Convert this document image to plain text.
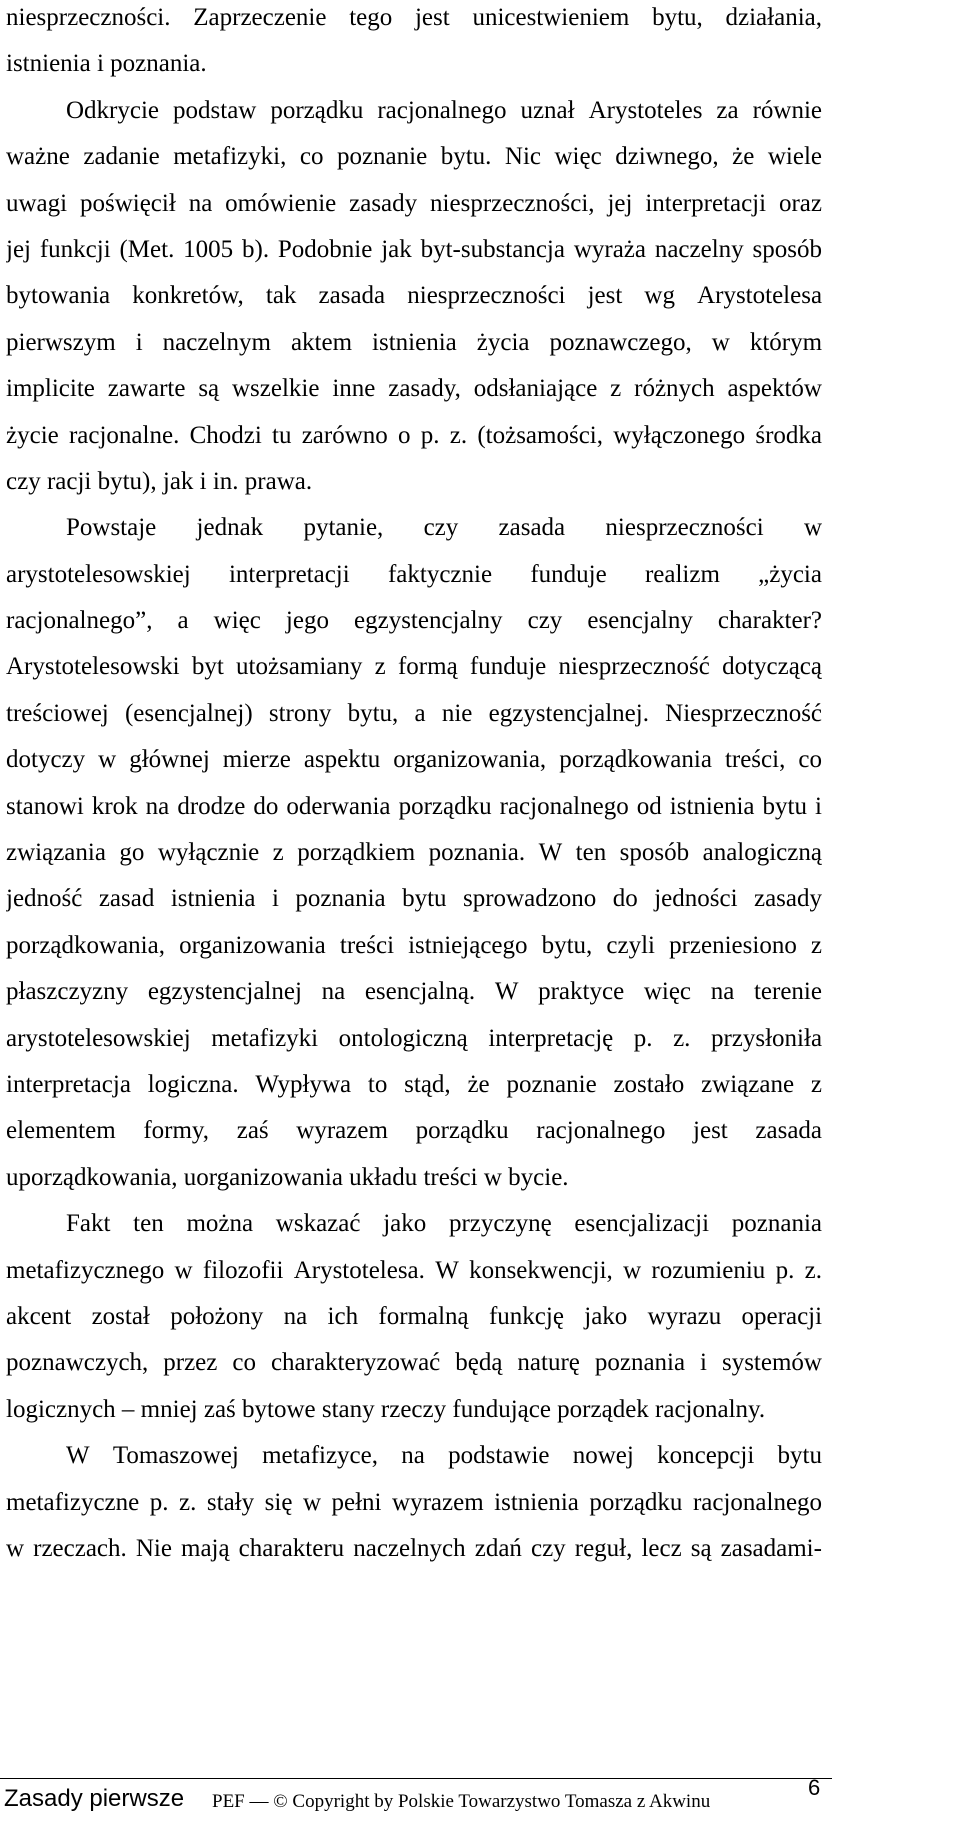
niesprzeczności. Zaprzeczenie tego jest unicestwieniem bytu, działania,
istnienia i poznania.
Odkrycie podstaw porządku racjonalnego uznał Arystoteles za równie
ważne zadanie metafizyki, co poznanie bytu. Nic więc dziwnego, że wiele
uwagi poświęcił na omówienie zasady niesprzeczności, jej interpretacji oraz
jej funkcji (Met. 1005 b). Podobnie jak byt-substancja wyraża naczelny sposób
bytowania konkretów, tak zasada niesprzeczności jest wg Arystotelesa
pierwszym i naczelnym aktem istnienia życia poznawczego, w którym
implicite zawarte są wszelkie inne zasady, odsłaniające z różnych aspektów
życie racjonalne. Chodzi tu zarówno o p. z. (tożsamości, wyłączonego środka
czy racji bytu), jak i in. prawa.
Powstaje jednak pytanie, czy zasada niesprzeczności w
arystotelesowskiej interpretacji faktycznie funduje realizm „życia
racjonalnego”, a więc jego egzystencjalny czy esencjalny charakter?
Arystotelesowski byt utożsamiany z formą funduje niesprzeczność dotyczącą
treściowej (esencjalnej) strony bytu, a nie egzystencjalnej. Niesprzeczność
dotyczy w głównej mierze aspektu organizowania, porządkowania treści, co
stanowi krok na drodze do oderwania porządku racjonalnego od istnienia bytu i
związania go wyłącznie z porządkiem poznania. W ten sposób analogiczną
jedność zasad istnienia i poznania bytu sprowadzono do jedności zasady
porządkowania, organizowania treści istniejącego bytu, czyli przeniesiono z
płaszczyzny egzystencjalnej na esencjalną. W praktyce więc na terenie
arystotelesowskiej metafizyki ontologiczną interpretację p. z. przysłoniła
interpretacja logiczna. Wypływa to stąd, że poznanie zostało związane z
elementem formy, zaś wyrazem porządku racjonalnego jest zasada
uporządkowania, uorganizowania układu treści w bycie.
Fakt ten można wskazać jako przyczynę esencjalizacji poznania
metafizycznego w filozofii Arystotelesa. W konsekwencji, w rozumieniu p. z.
akcent został położony na ich formalną funkcję jako wyrazu operacji
poznawczych, przez co charakteryzować będą naturę poznania i systemów
logicznych – mniej zaś bytowe stany rzeczy fundujące porządek racjonalny.
W Tomaszowej metafizyce, na podstawie nowej koncepcji bytu
metafizyczne p. z. stały się w pełni wyrazem istnienia porządku racjonalnego
w rzeczach. Nie mają charakteru naczelnych zdań czy reguł, lecz są zasadami-
Zasady pierwsze PEF — © Copyright by Polskie Towarzystwo Tomasza z Akwinu
6
